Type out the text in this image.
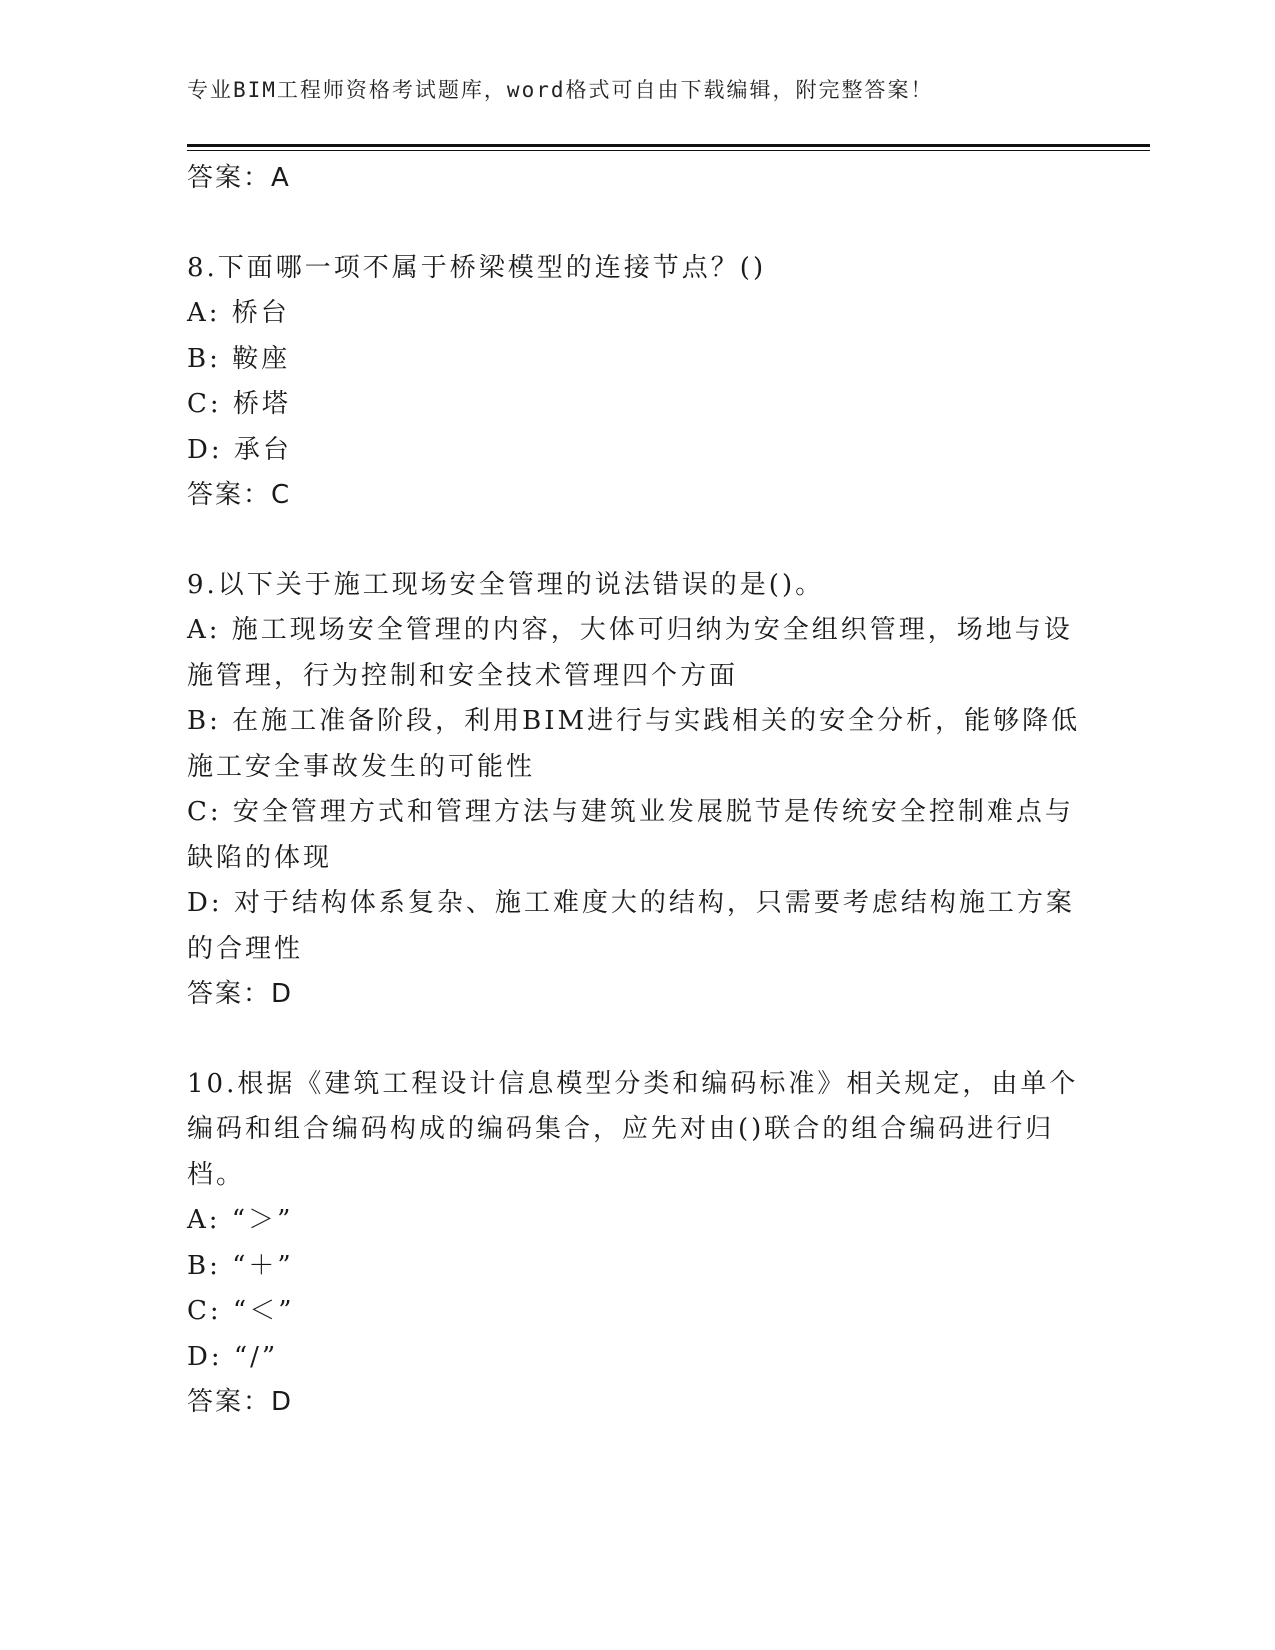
专业BIM工程师资格考试题库，word格式可自由下载编辑，附完整答案！
答案：A
8.下面哪一项不属于桥梁模型的连接节点？()
A: 桥台
B: 鞍座
C: 桥塔
D: 承台
答案：C
9.以下关于施工现场安全管理的说法错误的是()。
A: 施工现场安全管理的内容，大体可归纳为安全组织管理，场地与设
施管理，行为控制和安全技术管理四个方面
B: 在施工准备阶段，利用BIM进行与实践相关的安全分析，能够降低
施工安全事故发生的可能性
C: 安全管理方式和管理方法与建筑业发展脱节是传统安全控制难点与
缺陷的体现
D: 对于结构体系复杂、施工难度大的结构，只需要考虑结构施工方案
的合理性
答案：D
10.根据《建筑工程设计信息模型分类和编码标准》相关规定，由单个
编码和组合编码构成的编码集合，应先对由()联合的组合编码进行归
档。
A: “＞”
B: “＋”
C: “＜”
D: “/”
答案：D
